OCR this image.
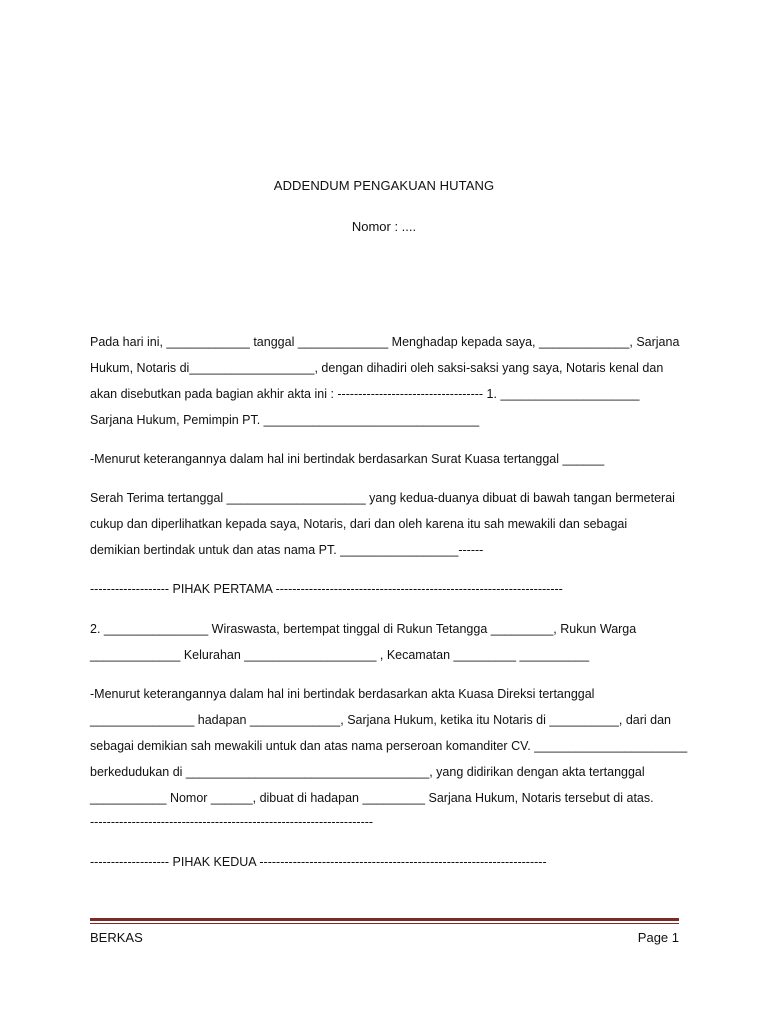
ADDENDUM PENGAKUAN HUTANG
Nomor : ....
Pada hari ini, ____________ tanggal _____________ Menghadap kepada saya, _____________, Sarjana
Hukum, Notaris di__________________, dengan dihadiri oleh saksi-saksi yang saya, Notaris kenal dan
akan disebutkan pada bagian akhir akta ini : ----------------------------------- 1. ____________________
Sarjana Hukum, Pemimpin PT. _______________________________
-Menurut keterangannya dalam hal ini bertindak berdasarkan Surat Kuasa tertanggal ______
Serah Terima tertanggal ____________________ yang kedua-duanya dibuat di bawah tangan bermeterai
cukup dan diperlihatkan kepada saya, Notaris, dari dan oleh karena itu sah mewakili dan sebagai
demikian bertindak untuk dan atas nama PT. _________________------
------------------- PIHAK PERTAMA ---------------------------------------------------------------------
2. _______________ Wiraswasta, bertempat tinggal di Rukun Tetangga _________, Rukun Warga
_____________ Kelurahan ___________________ , Kecamatan _________ __________
-Menurut keterangannya dalam hal ini bertindak berdasarkan akta Kuasa Direksi tertanggal
_______________ hadapan _____________, Sarjana Hukum, ketika itu Notaris di __________, dari dan
sebagai demikian sah mewakili untuk dan atas nama perseroan komanditer CV. ______________________
berkedudukan di ___________________________________, yang didirikan dengan akta tertanggal
___________ Nomor ______, dibuat di hadapan _________ Sarjana Hukum, Notaris tersebut di atas.
--------------------------------------------------------------------
------------------- PIHAK KEDUA ---------------------------------------------------------------------
BERKAS	Page 1
